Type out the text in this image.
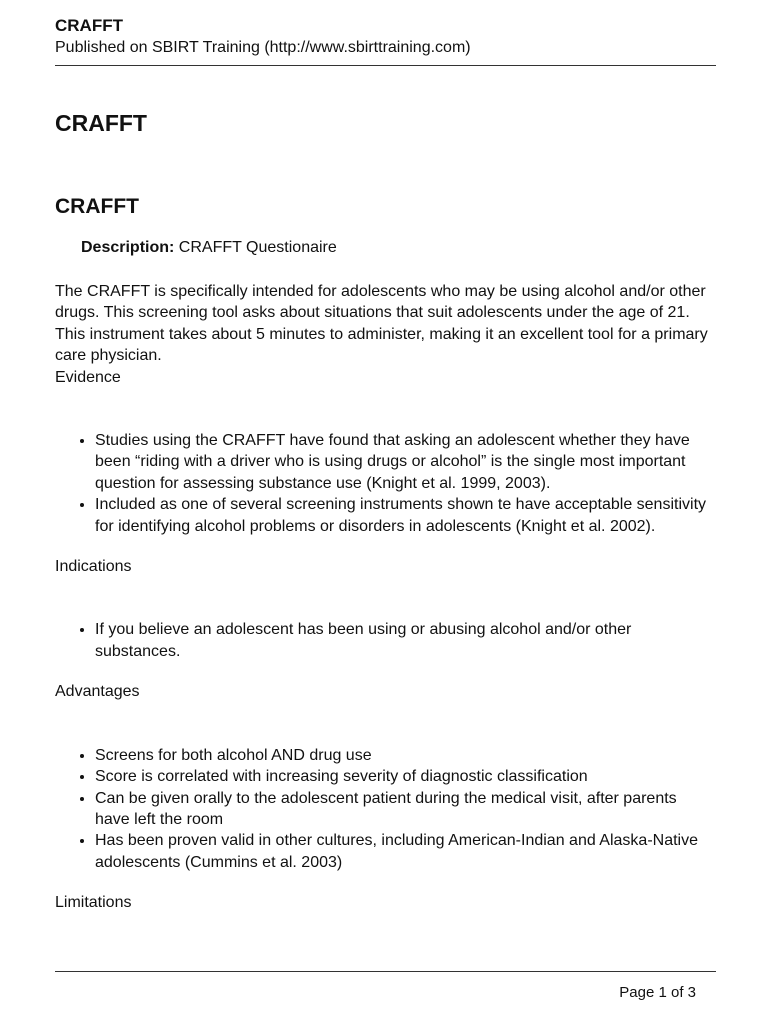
CRAFFT

Published on SBIRT Training (http://www.sbirttraining.com)

CRAFFT
CRAFFT

Description: CRAFFT Questionaire

The CRAFFT is specifically intended for adolescents who may be using alcohol and/or other drugs. This screening tool asks about situations that suit adolescents under the age of 21. This instrument takes about 5 minutes to administer, making it an excellent tool for a primary care physician.

Evidence

• Studies using the CRAFFT have found that asking an adolescent whether they have been “riding with a driver who is using drugs or alcohol” is the single most important question for assessing substance use (Knight et al. 1999, 2003).
• Included as one of several screening instruments shown te have acceptable sensitivity for identifying alcohol problems or disorders in adolescents (Knight et al. 2002).

Indications

• If you believe an adolescent has been using or abusing alcohol and/or other substances.

Advantages

• Screens for both alcohol AND drug use
• Score is correlated with increasing severity of diagnostic classification
• Can be given orally to the adolescent patient during the medical visit, after parents have left the room
• Has been proven valid in other cultures, including American-Indian and Alaska-Native adolescents (Cummins et al. 2003)

Limitations

Page 1 of 3
